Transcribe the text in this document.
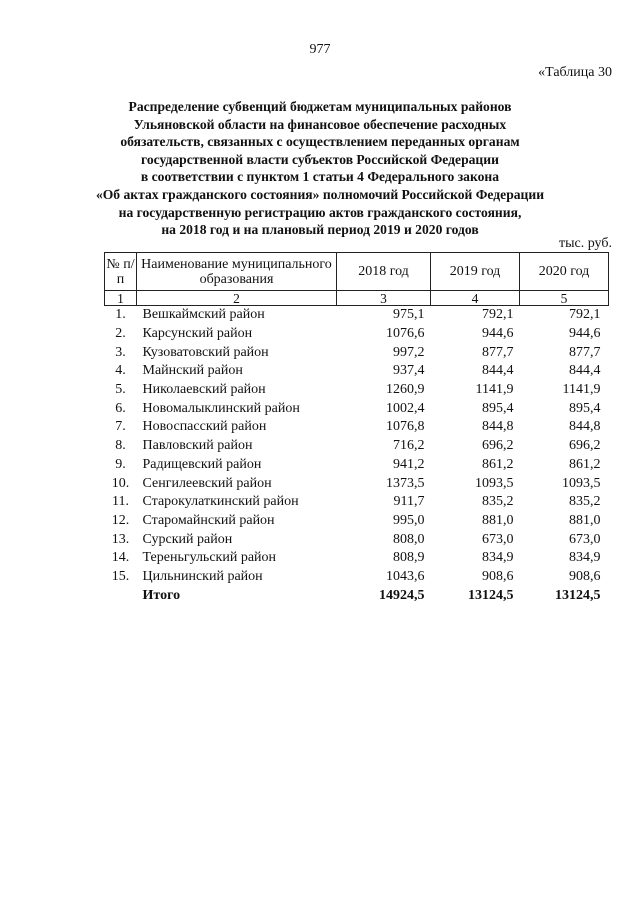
977
«Таблица 30
Распределение субвенций бюджетам муниципальных районов
Ульяновской области на финансовое обеспечение расходных
обязательств, связанных с осуществлением переданных органам
государственной власти субъектов Российской Федерации
в соответствии с пунктом 1 статьи 4 Федерального закона
«Об актах гражданского состояния» полномочий Российской Федерации
на государственную регистрацию актов гражданского состояния,
на 2018 год и на плановый период 2019 и 2020 годов
тыс. руб.
№ п/п	Наименование муниципального образования	2018 год	2019 год	2020 год
1	2	3	4	5
1.	Вешкаймский район	975,1	792,1	792,1
2.	Карсунский район	1076,6	944,6	944,6
3.	Кузоватовский район	997,2	877,7	877,7
4.	Майнский район	937,4	844,4	844,4
5.	Николаевский район	1260,9	1141,9	1141,9
6.	Новомалыклинский район	1002,4	895,4	895,4
7.	Новоспасский район	1076,8	844,8	844,8
8.	Павловский район	716,2	696,2	696,2
9.	Радищевский район	941,2	861,2	861,2
10.	Сенгилеевский район	1373,5	1093,5	1093,5
11.	Старокулаткинский район	911,7	835,2	835,2
12.	Старомайнский район	995,0	881,0	881,0
13.	Сурский район	808,0	673,0	673,0
14.	Тереньгульский район	808,9	834,9	834,9
15.	Цильнинский район	1043,6	908,6	908,6
	Итого	14924,5	13124,5	13124,5
